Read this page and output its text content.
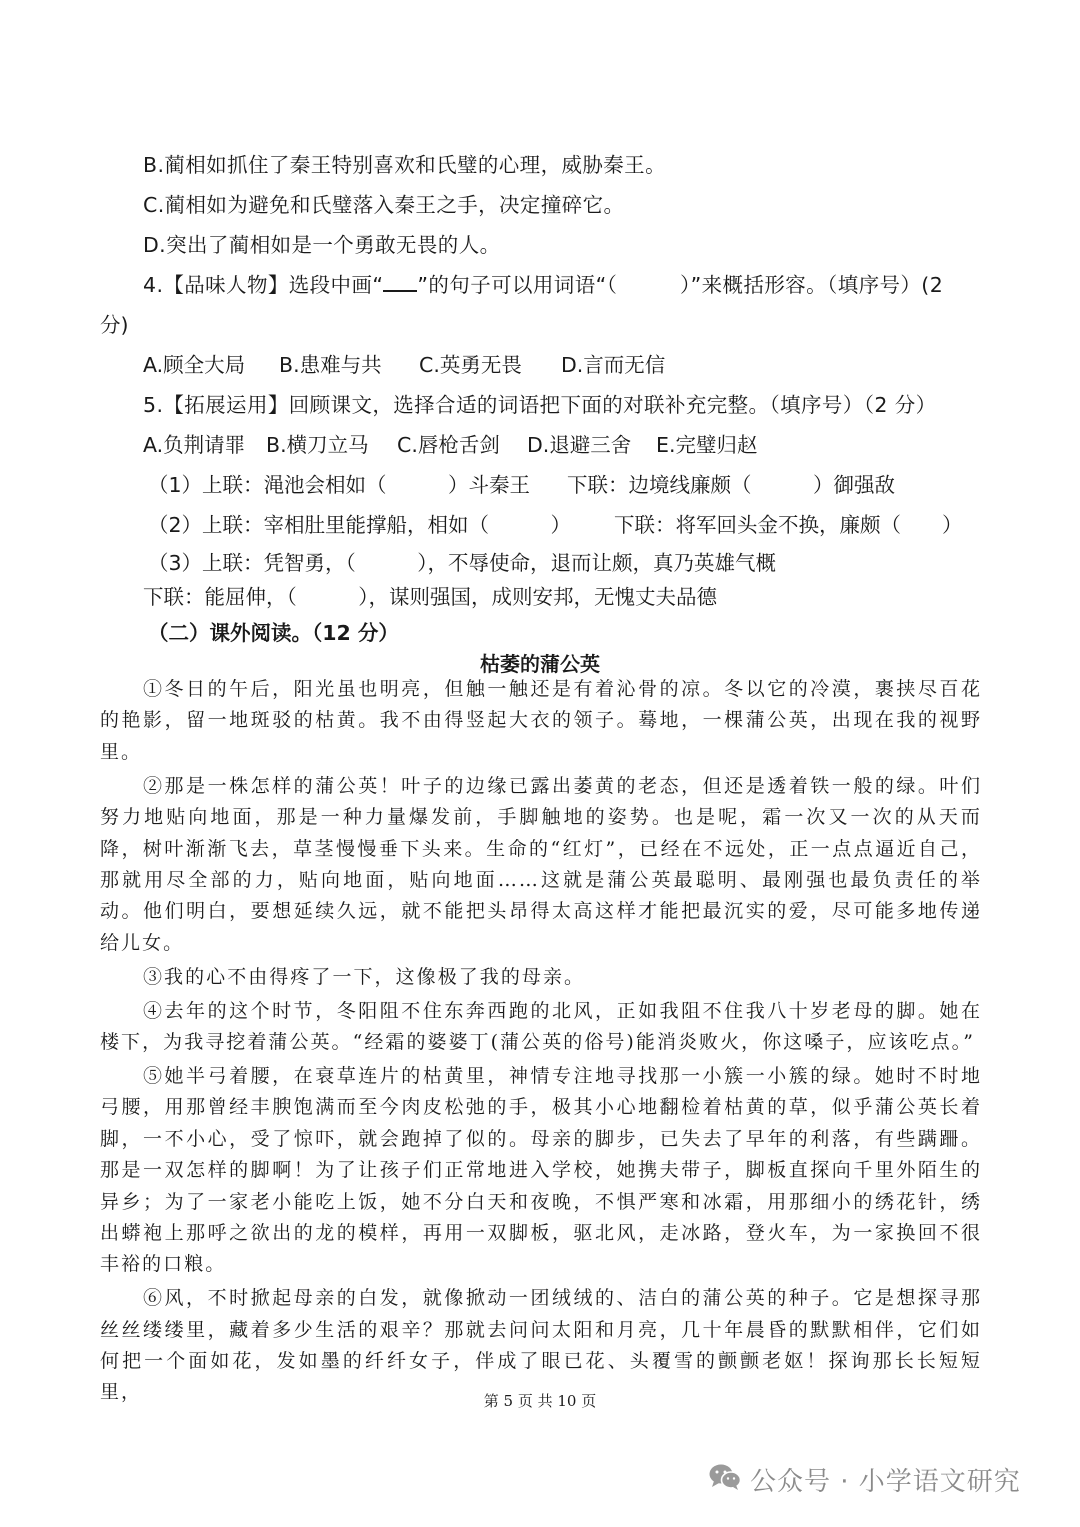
B.蔺相如抓住了秦王特别喜欢和氏璧的心理，威胁秦王。
C.蔺相如为避免和氏璧落入秦王之手，决定撞碎它。
D.突出了蔺相如是一个勇敢无畏的人。
4.【品味人物】选段中画“ ”的句子可以用词语“（　　　）”来概括形容。（填序号）(2
分)
A.顾全大局 B.患难与共 C.英勇无畏 D.言而无信
5.【拓展运用】回顾课文，选择合适的词语把下面的对联补充完整。（填序号）（2 分）
A.负荆请罪 B.横刀立马 C.唇枪舌剑 D.退避三舍 E.完璧归赵
（1）上联：渑池会相如（　　　）斗秦王 下联：边境线廉颇（　　　）御强敌
（2）上联：宰相肚里能撑船，相如（　　　） 下联：将军回头金不换，廉颇（　　）
（3）上联：凭智勇，（　　　），不辱使命，退而让颇，真乃英雄气概
下联：能屈伸，（　　　），谋则强国，成则安邦，无愧丈夫品德
（二）课外阅读。（12 分）
枯萎的蒲公英

①冬日的午后，阳光虽也明亮，但触一触还是有着沁骨的凉。冬以它的冷漠，裹挟尽百花的艳影，留一地斑驳的枯黄。我不由得竖起大衣的领子。蓦地，一棵蒲公英，出现在我的视野里。

②那是一株怎样的蒲公英！叶子的边缘已露出萎黄的老态，但还是透着铁一般的绿。叶们努力地贴向地面，那是一种力量爆发前，手脚触地的姿势。也是呢，霜一次又一次的从天而降，树叶渐渐飞去，草茎慢慢垂下头来。生命的“红灯”，已经在不远处，正一点点逼近自己，那就用尽全部的力，贴向地面，贴向地面……这就是蒲公英最聪明、最刚强也最负责任的举动。他们明白，要想延续久远，就不能把头昂得太高这样才能把最沉实的爱，尽可能多地传递给儿女。

③我的心不由得疼了一下，这像极了我的母亲。

④去年的这个时节，冬阳阻不住东奔西跑的北风，正如我阻不住我八十岁老母的脚。她在楼下，为我寻挖着蒲公英。“经霜的婆婆丁(蒲公英的俗号)能消炎败火，你这嗓子，应该吃点。”

⑤她半弓着腰，在衰草连片的枯黄里，神情专注地寻找那一小簇一小簇的绿。她时不时地弓腰，用那曾经丰腴饱满而至今肉皮松弛的手，极其小心地翻检着枯黄的草，似乎蒲公英长着脚，一不小心，受了惊吓，就会跑掉了似的。母亲的脚步，已失去了早年的利落，有些蹒跚。那是一双怎样的脚啊！为了让孩子们正常地进入学校，她携夫带子，脚板直探向千里外陌生的异乡；为了一家老小能吃上饭，她不分白天和夜晚，不惧严寒和冰霜，用那细小的绣花针，绣出蟒袍上那呼之欲出的龙的模样，再用一双脚板，驱北风，走冰路，登火车，为一家换回不很丰裕的口粮。

⑥风，不时掀起母亲的白发，就像掀动一团绒绒的、洁白的蒲公英的种子。它是想探寻那丝丝缕缕里，藏着多少生活的艰辛？那就去问问太阳和月亮，几十年晨昏的默默相伴，它们如何把一个面如花，发如墨的纤纤女子，伴成了眼已花、头覆雪的颤颤老妪！探询那长长短短里，	第 5 页 共 10 页
公众号 · 小学语文研究
